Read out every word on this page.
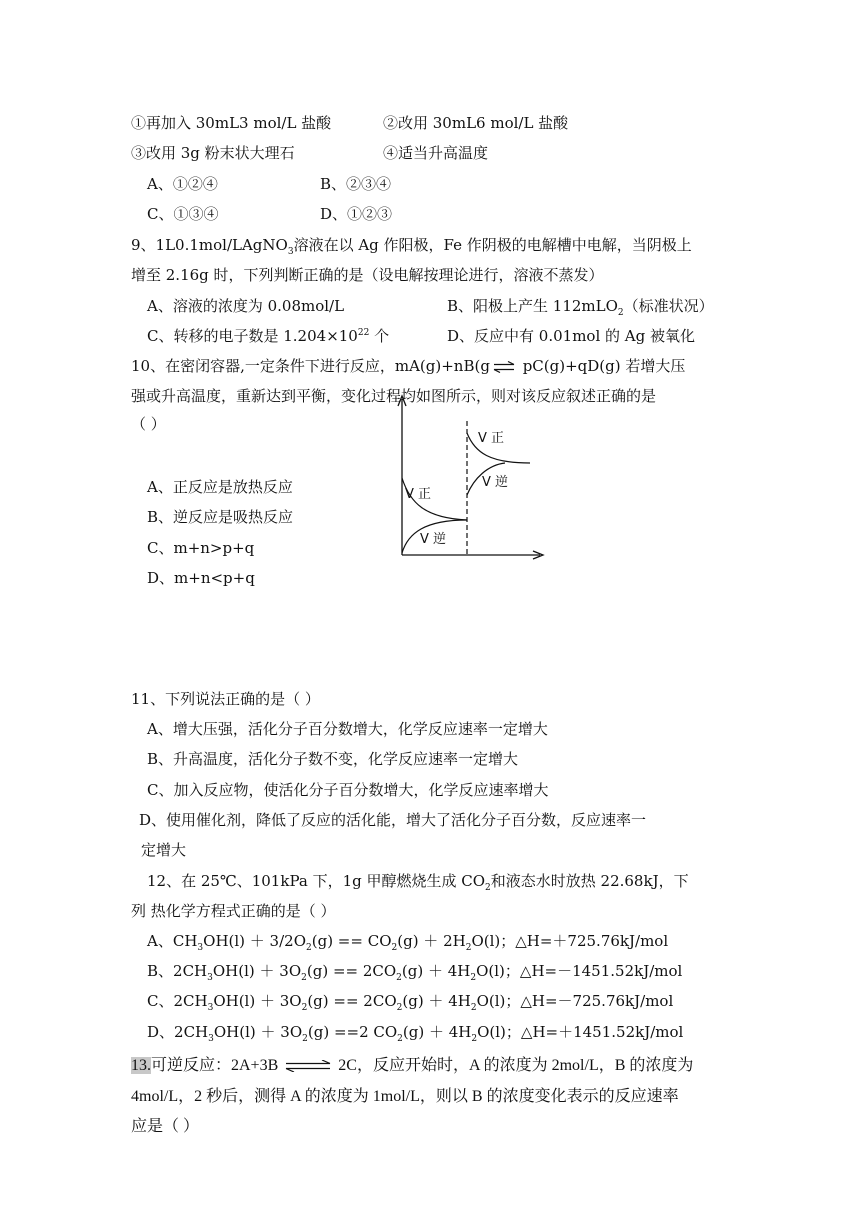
①再加入 30mL3 mol/L 盐酸	②改用 30mL6 mol/L 盐酸
③改用 3g 粉末状大理石	④适当升高温度
A、①②④	B、②③④
C、①③④	D、①②③
9、1L0.1mol/LAgNO$_3$溶液在以 Ag 作阳极，Fe 作阴极的电解槽中电解，当阴极上
增至 2.16g 时，下列判断正确的是（设电解按理论进行，溶液不蒸发）
A、溶液的浓度为 0.08mol/L	B、阳极上产生 112mLO$_2$（标准状况）
C、转移的电子数是 $1.204\times 10^{22}$ 个	D、反应中有 0.01mol 的 Ag 被氧化
10、在密闭容器,一定条件下进行反应，mA(g)+nB(g ⇌ pC(g)+qD(g) 若增大压
强或升高温度，重新达到平衡，变化过程均如图所示，则对该反应叙述正确的是
（ ）
A、正反应是放热反应
B、逆反应是吸热反应
C、m+n>p+q
D、m+n<p+q
V 正
V 逆
V 正
V 逆
11、下列说法正确的是（ ）
A、增大压强，活化分子百分数增大，化学反应速率一定增大
B、升高温度，活化分子数不变，化学反应速率一定增大
C、加入反应物，使活化分子百分数增大，化学反应速率增大
D、使用催化剂，降低了反应的活化能，增大了活化分子百分数，反应速率一
定增大
12、在 25℃、101kPa 下，1g 甲醇燃烧生成 $CO_2$和液态水时放热 22.68kJ，下
列 热化学方程式正确的是（ ）
A、$CH_3OH(l) + 3/2O_2(g) == CO_2(g) + 2H_2O(l)$；△H=＋725.76kJ/mol
B、$2CH_3OH(l) + 3O_2(g) == 2CO_2(g) + 4H_2O(l)$；△H=－1451.52kJ/mol
C、$2CH_3OH(l) + 3O_2(g) == 2CO_2(g) + 4H_2O(l)$；△H=－725.76kJ/mol
D、$2CH_3OH(l) + 3O_2(g) ==2$ $CO_2(g) + 4H_2O(l)$；△H=＋1451.52kJ/mol
13.可逆反应：2A+3B ⇌ 2C，反应开始时，A 的浓度为 2mol/L，B 的浓度为
4mol/L，2 秒后，测得 A 的浓度为 1mol/L，则以 B 的浓度变化表示的反应速率
应是（ ）
